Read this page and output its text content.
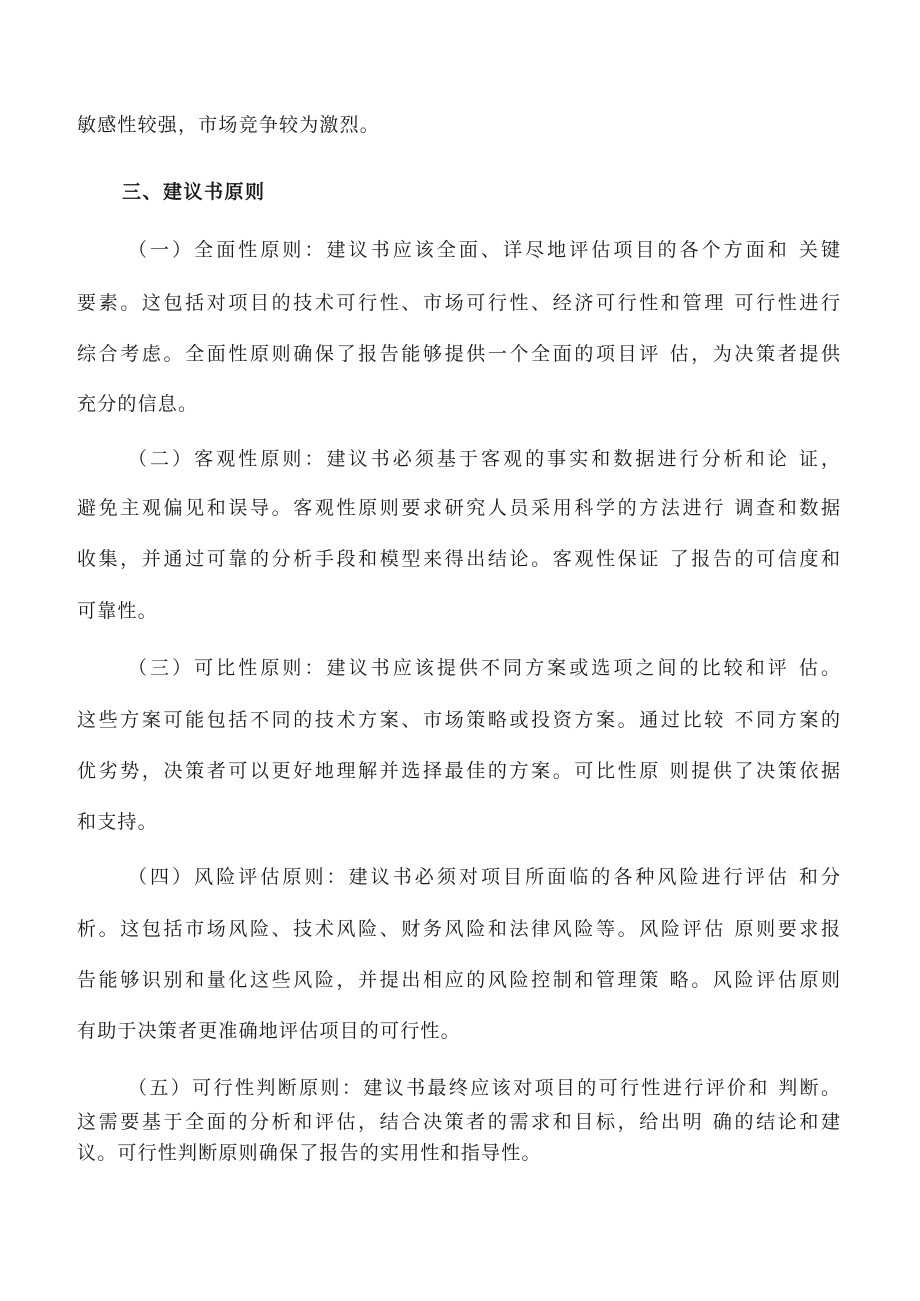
敏感性较强，市场竞争较为激烈。
三、建议书原则
（一）全面性原则：建议书应该全面、详尽地评估项目的各个方面和 关键
要素。这包括对项目的技术可行性、市场可行性、经济可行性和管理 可行性进行
综合考虑。全面性原则确保了报告能够提供一个全面的项目评 估，为决策者提供
充分的信息。
（二）客观性原则：建议书必须基于客观的事实和数据进行分析和论 证，
避免主观偏见和误导。客观性原则要求研究人员采用科学的方法进行 调查和数据
收集，并通过可靠的分析手段和模型来得出结论。客观性保证 了报告的可信度和
可靠性。
（三）可比性原则：建议书应该提供不同方案或选项之间的比较和评 估。
这些方案可能包括不同的技术方案、市场策略或投资方案。通过比较 不同方案的
优劣势，决策者可以更好地理解并选择最佳的方案。可比性原 则提供了决策依据
和支持。
（四）风险评估原则：建议书必须对项目所面临的各种风险进行评估 和分
析。这包括市场风险、技术风险、财务风险和法律风险等。风险评估 原则要求报
告能够识别和量化这些风险，并提出相应的风险控制和管理策 略。风险评估原则
有助于决策者更准确地评估项目的可行性。
（五）可行性判断原则：建议书最终应该对项目的可行性进行评价和 判断。
这需要基于全面的分析和评估，结合决策者的需求和目标，给出明 确的结论和建
议。可行性判断原则确保了报告的实用性和指导性。
